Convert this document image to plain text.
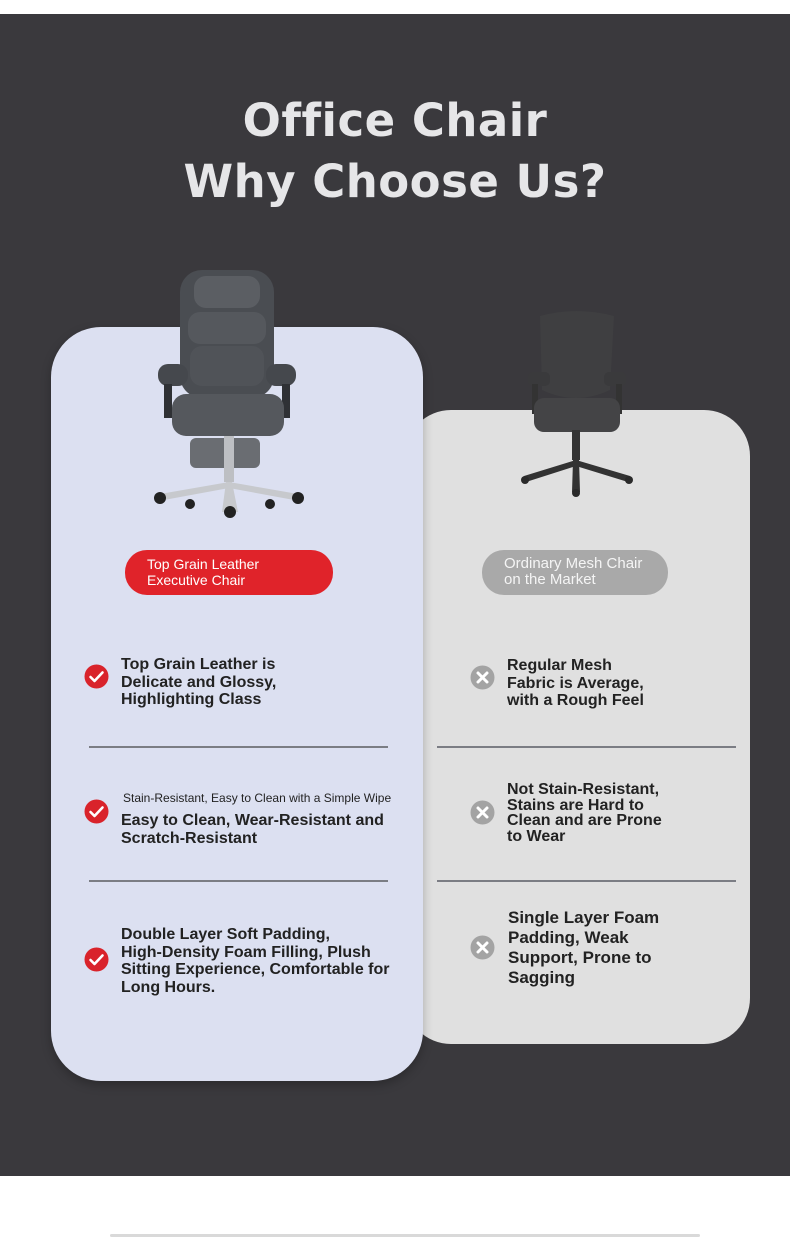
Office Chair
Why Choose Us?
Top Grain Leather
Executive Chair
Ordinary Mesh Chair
on the Market
Top Grain Leather is
Delicate and Glossy,
Highlighting Class
Stain-Resistant, Easy to Clean with a Simple Wipe
Easy to Clean, Wear-Resistant and
Scratch-Resistant
Double Layer Soft Padding,
High-Density Foam Filling, Plush
Sitting Experience, Comfortable for
Long Hours.
Regular Mesh
Fabric is Average,
with a Rough Feel
Not Stain-Resistant,
Stains are Hard to
Clean and are Prone
to Wear
Single Layer Foam
Padding, Weak
Support, Prone to
Sagging
